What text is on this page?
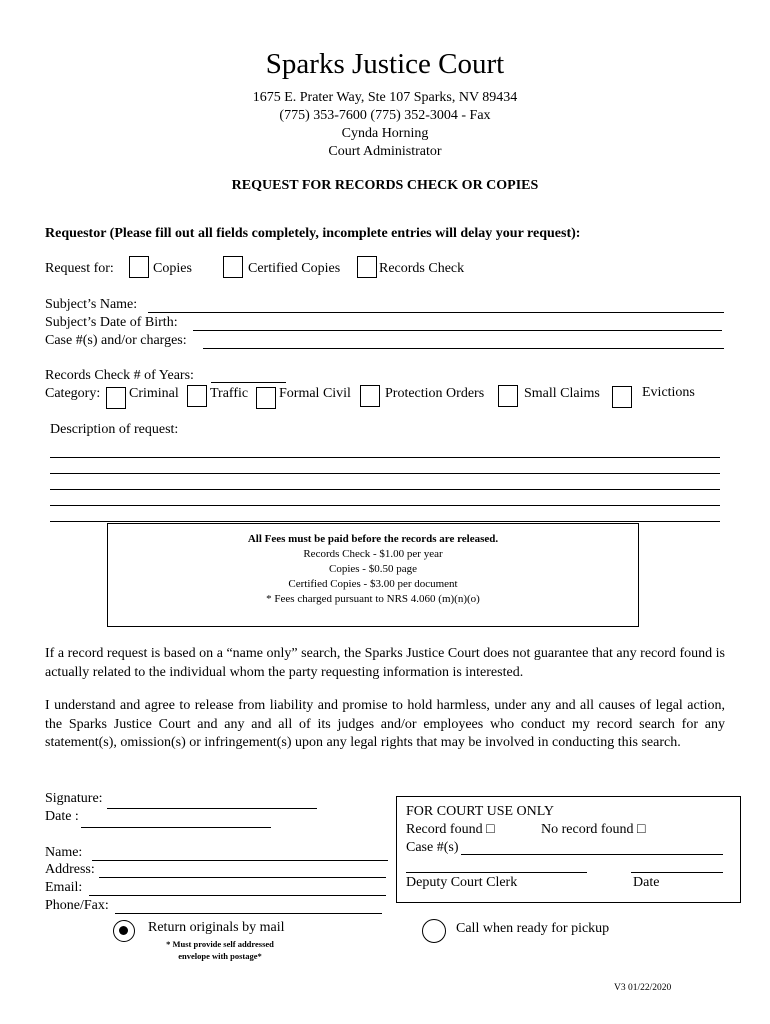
Sparks Justice Court
1675 E. Prater Way, Ste 107 Sparks, NV 89434
(775) 353-7600 (775) 352-3004 - Fax
Cynda Horning
Court Administrator
REQUEST FOR RECORDS CHECK OR COPIES
Requestor (Please fill out all fields completely, incomplete entries will delay your request):
Request for:	Copies	Certified Copies	Records Check
Subject’s Name:
Subject’s Date of Birth:
Case #(s) and/or charges:
Records Check # of Years:
Category: Criminal Traffic Formal Civil Protection Orders	Small Claims	Evictions
Description of request:
All Fees must be paid before the records are released.
Records Check - $1.00 per year
Copies - $0.50 page
Certified Copies - $3.00 per document
* Fees charged pursuant to NRS 4.060 (m)(n)(o)
If a record request is based on a “name only” search, the Sparks Justice Court does not guarantee that any record found is actually related to the individual whom the party requesting information is interested.
I understand and agree to release from liability and promise to hold harmless, under any and all causes of legal action, the Sparks Justice Court and any and all of its judges and/or employees who conduct my record search for any statement(s), omission(s) or infringement(s) upon any legal rights that may be involved in conducting this search.
Signature:
Date :
Name:
Address:
Email:
Phone/Fax:
FOR COURT USE ONLY
Record found □	No record found □
Case #(s)
Deputy Court Clerk	Date
Return originals by mail
* Must provide self addressed
envelope with postage*
Call when ready for pickup
V3 01/22/2020
